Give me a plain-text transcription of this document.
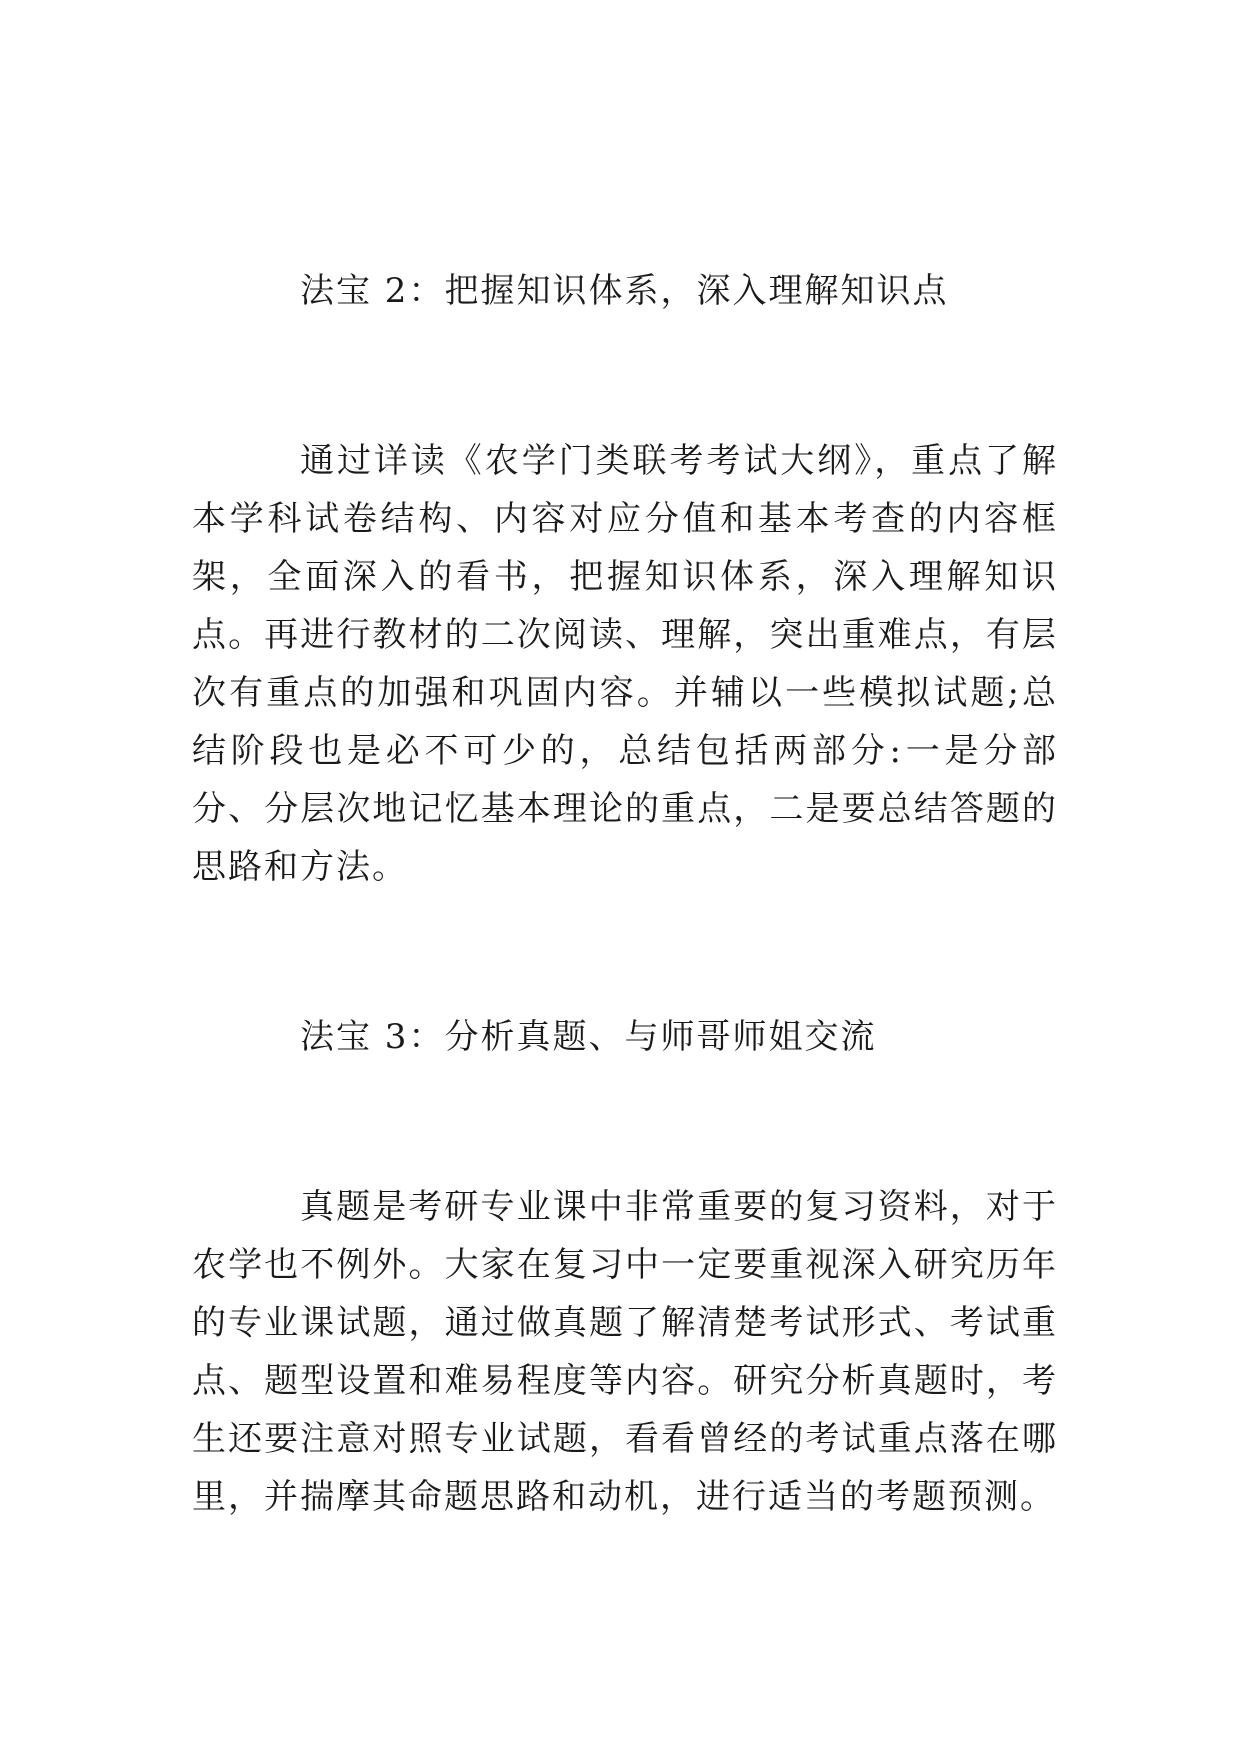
法宝 2：把握知识体系，深入理解知识点

通过详读《农学门类联考考试大纲》，重点了解本学科试卷结构、内容对应分值和基本考查的内容框架，全面深入的看书，把握知识体系，深入理解知识点。再进行教材的二次阅读、理解，突出重难点，有层次有重点的加强和巩固内容。并辅以一些模拟试题;总结阶段也是必不可少的，总结包括两部分:一是分部分、分层次地记忆基本理论的重点，二是要总结答题的思路和方法。

法宝 3：分析真题、与师哥师姐交流

真题是考研专业课中非常重要的复习资料，对于农学也不例外。大家在复习中一定要重视深入研究历年的专业课试题，通过做真题了解清楚考试形式、考试重点、题型设置和难易程度等内容。研究分析真题时，考生还要注意对照专业试题，看看曾经的考试重点落在哪里，并揣摩其命题思路和动机，进行适当的考题预测。
